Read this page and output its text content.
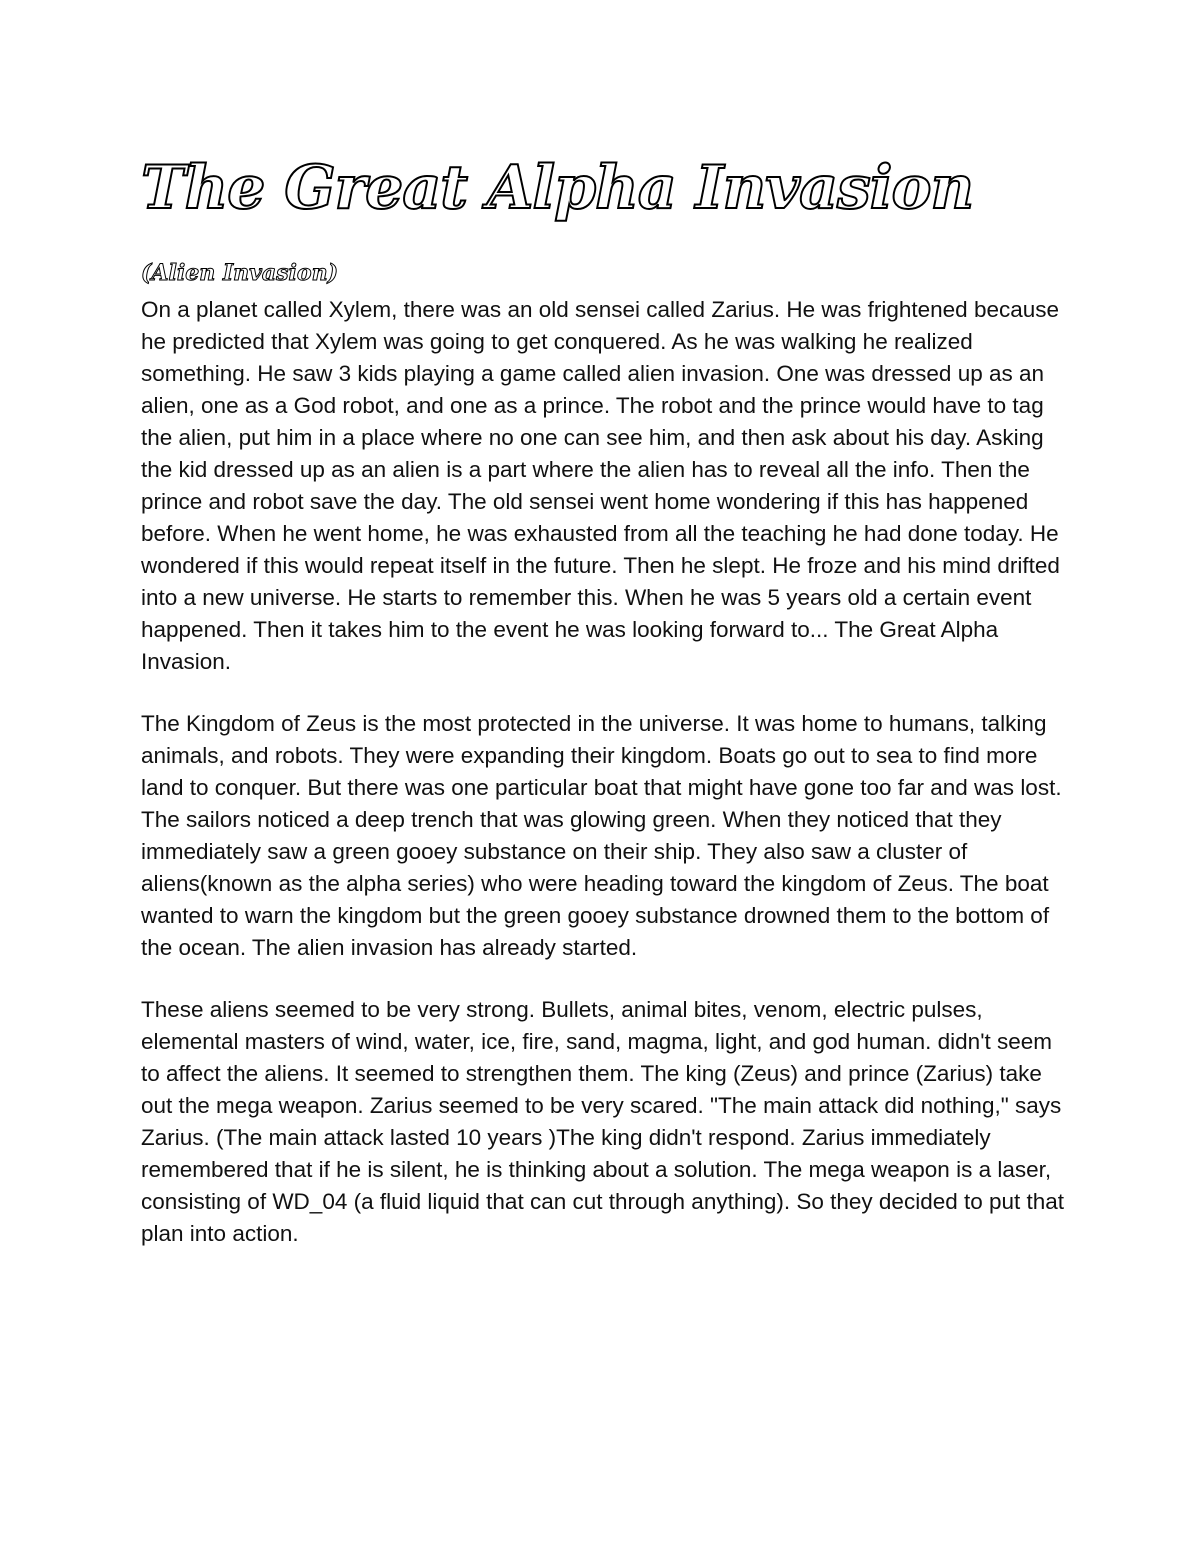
The Great Alpha Invasion
(Alien Invasion)

On a planet called Xylem, there was an old sensei called Zarius. He was frightened because he predicted that Xylem was going to get conquered. As he was walking he realized something. He saw 3 kids playing a game called alien invasion. One was dressed up as an alien, one as a God robot, and one as a prince. The robot and the prince would have to tag the alien, put him in a place where no one can see him, and then ask about his day. Asking the kid dressed up as an alien is a part where the alien has to reveal all the info. Then the prince and robot save the day. The old sensei went home wondering if this has happened before. When he went home, he was exhausted from all the teaching he had done today. He wondered if this would repeat itself in the future. Then he slept. He froze and his mind drifted into a new universe. He starts to remember this. When he was 5 years old a certain event happened. Then it takes him to the event he was looking forward to... The Great Alpha Invasion.

The Kingdom of Zeus is the most protected in the universe. It was home to humans, talking animals, and robots. They were expanding their kingdom. Boats go out to sea to find more land to conquer. But there was one particular boat that might have gone too far and was lost. The sailors noticed a deep trench that was glowing green. When they noticed that they immediately saw a green gooey substance on their ship. They also saw a cluster of aliens(known as the alpha series) who were heading toward the kingdom of Zeus. The boat wanted to warn the kingdom but the green gooey substance drowned them to the bottom of the ocean. The alien invasion has already started.

These aliens seemed to be very strong. Bullets, animal bites, venom, electric pulses, elemental masters of wind, water, ice, fire, sand, magma, light, and god human. didn't seem to affect the aliens. It seemed to strengthen them. The king (Zeus) and prince (Zarius) take out the mega weapon. Zarius seemed to be very scared. "The main attack did nothing," says Zarius. (The main attack lasted 10 years )The king didn't respond. Zarius immediately remembered that if he is silent, he is thinking about a solution. The mega weapon is a laser, consisting of WD_04 (a fluid liquid that can cut through anything). So they decided to put that plan into action.
